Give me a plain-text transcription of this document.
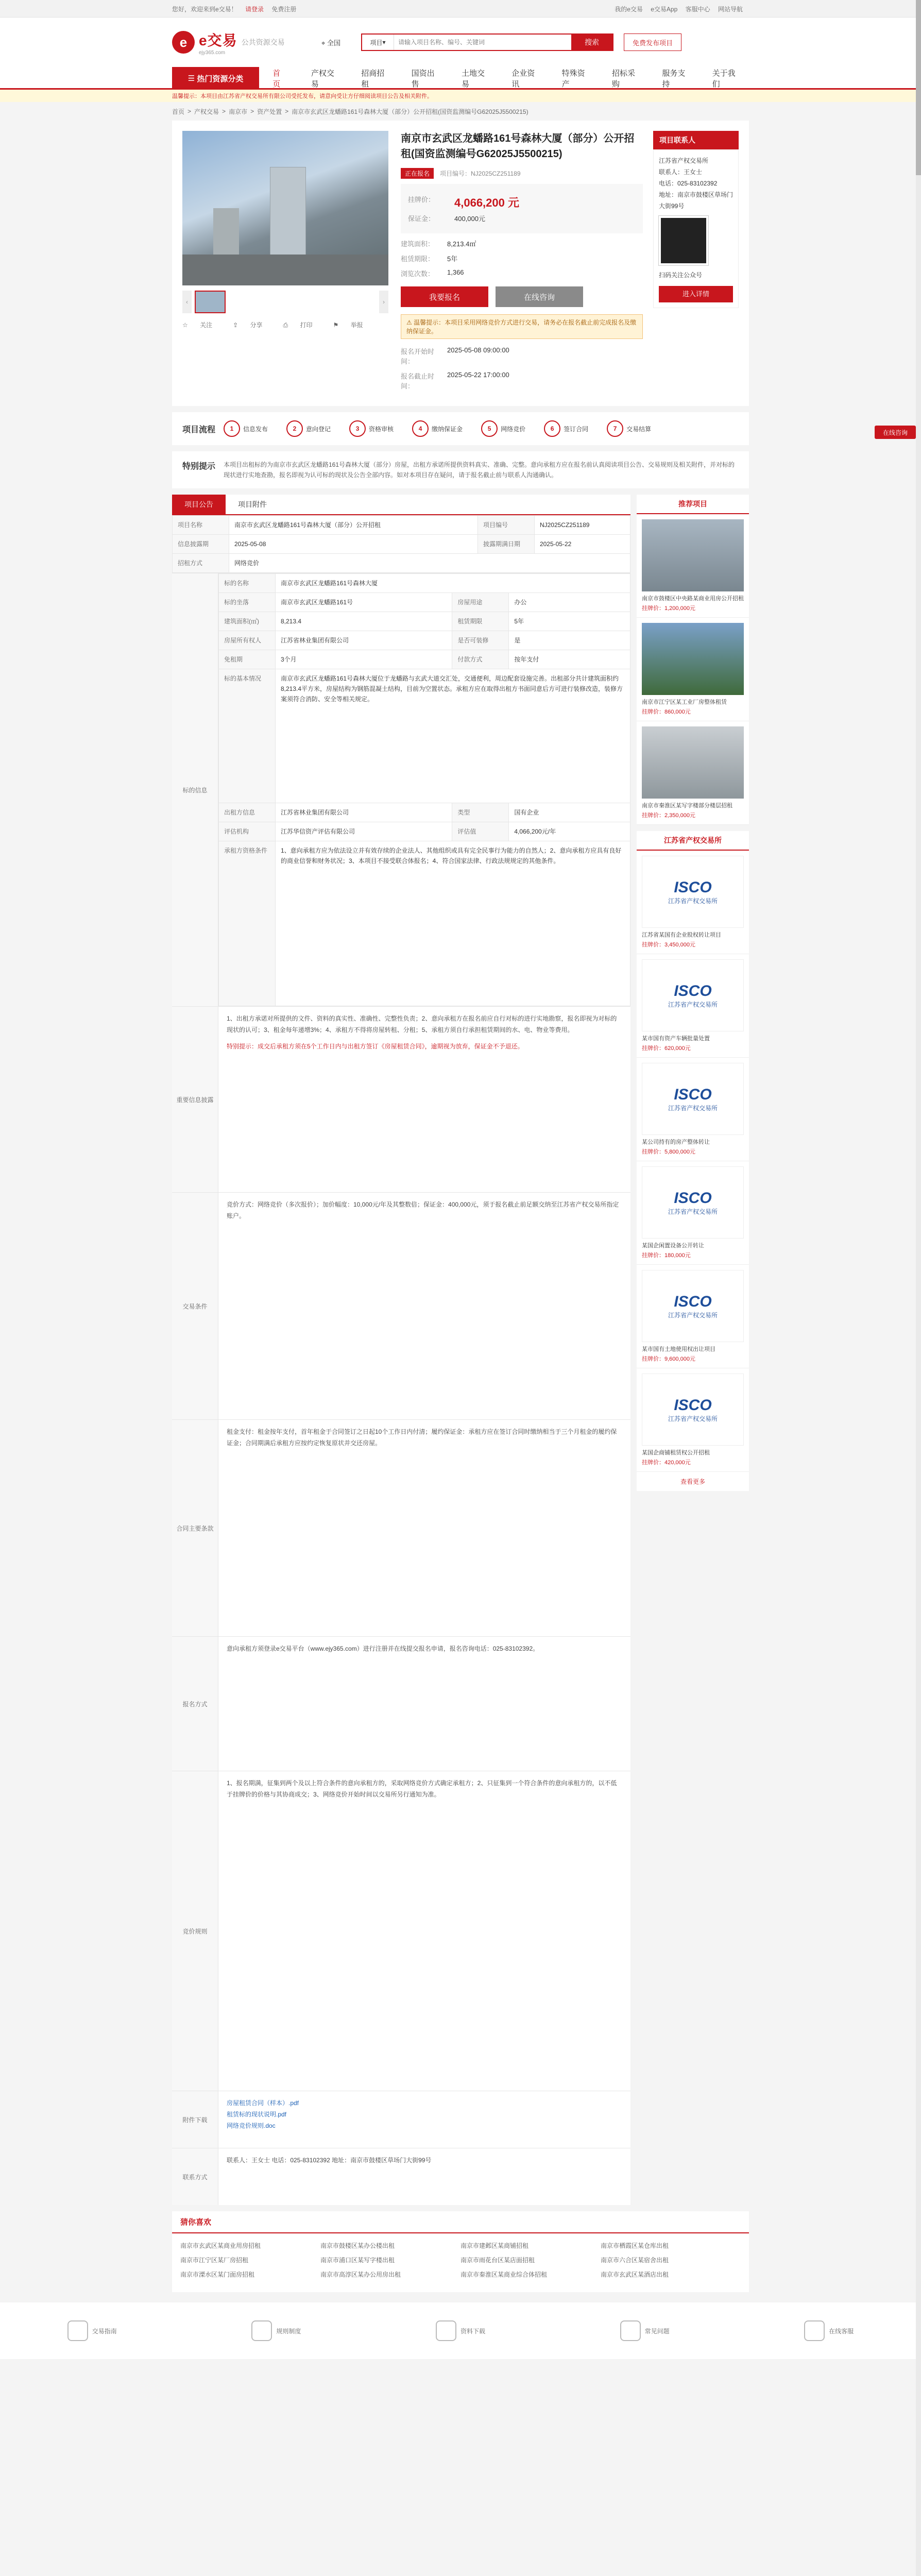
您好，欢迎来到e交易！ 请登录 免费注册	我的e交易 e交易App 客服中心 网站导航
e e交易
ejy365.com
公共资源交易	⌖ 全国	项目 ▾
请输入项目名称、编号、关键词	搜索	免费发布项目
☰ 热门资源分类
首页
产权交易
招商招租
国资出售
土地交易
企业资讯
特殊资产
招标采购
服务支持
关于我们
温馨提示：本项目由江苏省产权交易所有限公司受托发布，请意向受让方仔细阅读项目公告及相关附件。
首页 > 产权交易 > 南京市 > 资产处置 > 南京市玄武区龙蟠路161号森林大厦（部分）公开招租(国资监测编号G62025J5500215)
‹	›
☆ 关注	⇪ 分享	⎙ 打印	⚑ 举报
南京市玄武区龙蟠路161号森林大厦（部分）公开招租(国资监测编号G62025J5500215)
正在报名	项目编号：NJ2025CZ251189
挂牌价：	4,066,200 元
保证金：	400,000元
建筑面积：	8,213.4㎡
租赁期限：	5年
浏览次数：	1,366
我要报名	在线咨询
⚠ 温馨提示：本项目采用网络竞价方式进行交易，请务必在报名截止前完成报名及缴纳保证金。
报名开始时间：
2025-05-08 09:00:00
报名截止时间：
2025-05-22 17:00:00
项目联系人
江苏省产权交易所
联系人：王女士
电话：025-83102392
地址：南京市鼓楼区草场门大街99号
扫码关注公众号
进入详情
项目流程	1	信息发布	2	意向登记	3	资格审核	4	缴纳保证金	5	网络竞价	6	签订合同	7	交易结算
特别提示	本项目出租标的为南京市玄武区龙蟠路161号森林大厦（部分）房屋，出租方承诺所提供资料真实、准确、完整。意向承租方应在报名前认真阅读项目公告、交易规则及相关附件，并对标的现状进行实地查勘，报名即视为认可标的现状及公告全部内容。如对本项目存在疑问，请于报名截止前与联系人沟通确认。
项目公告	项目附件
项目名称	南京市玄武区龙蟠路161号森林大厦（部分）公开招租	项目编号	NJ2025CZ251189
信息披露期	2025-05-08	披露期满日期	2025-05-22
招租方式	网络竞价		
标的信息
标的名称	南京市玄武区龙蟠路161号森林大厦		
标的坐落	南京市玄武区龙蟠路161号	房屋用途	办公
建筑面积(㎡)	8,213.4	租赁期限	5年
房屋所有权人	江苏省林业集团有限公司	是否可装修	是
免租期	3个月	付款方式	按年支付
标的基本情况	南京市玄武区龙蟠路161号森林大厦位于龙蟠路与玄武大道交汇处，交通便利，周边配套设施完善。出租部分共计建筑面积约8,213.4平方米，房屋结构为钢筋混凝土结构，目前为空置状态。承租方应在取得出租方书面同意后方可进行装修改造，装修方案须符合消防、安全等相关规定。		
出租方信息	江苏省林业集团有限公司	类型	国有企业
评估机构	江苏华信资产评估有限公司	评估值	4,066,200元/年
承租方资格条件	1、意向承租方应为依法设立并有效存续的企业法人、其他组织或具有完全民事行为能力的自然人；2、意向承租方应具有良好的商业信誉和财务状况；3、本项目不接受联合体报名；4、符合国家法律、行政法规规定的其他条件。		
重要信息披露
1、出租方承诺对所提供的文件、资料的真实性、准确性、完整性负责；2、意向承租方在报名前应自行对标的进行实地勘察，报名即视为对标的现状的认可；3、租金每年递增3%；4、承租方不得将房屋转租、分租；5、承租方须自行承担租赁期间的水、电、物业等费用。
特别提示：成交后承租方须在5个工作日内与出租方签订《房屋租赁合同》，逾期视为放弃，保证金不予退还。
交易条件
竞价方式：网络竞价（多次报价）；加价幅度：10,000元/年及其整数倍；保证金：400,000元，须于报名截止前足额交纳至江苏省产权交易所指定账户。
合同主要条款
租金支付：租金按年支付，首年租金于合同签订之日起10个工作日内付清；履约保证金：承租方应在签订合同时缴纳相当于三个月租金的履约保证金；合同期满后承租方应按约定恢复原状并交还房屋。
报名方式
意向承租方须登录e交易平台（www.ejy365.com）进行注册并在线提交报名申请，报名咨询电话：025-83102392。
竞价规则
1、报名期满，征集到两个及以上符合条件的意向承租方的，采取网络竞价方式确定承租方；2、只征集到一个符合条件的意向承租方的，以不低于挂牌价的价格与其协商成交；3、网络竞价开始时间以交易所另行通知为准。
附件下载
房屋租赁合同（样本）.pdf
租赁标的现状说明.pdf
网络竞价规则.doc
联系方式
联系人：王女士 电话：025-83102392 地址：南京市鼓楼区草场门大街99号
推荐项目
南京市鼓楼区中央路某商业用房公开招租
挂牌价：1,200,000元
南京市江宁区某工业厂房整体租赁
挂牌价：860,000元
南京市秦淮区某写字楼部分楼层招租
挂牌价：2,350,000元
江苏省产权交易所
ISCO
江苏省产权交易所
江苏省某国有企业股权转让项目
挂牌价：3,450,000元
ISCO
江苏省产权交易所
某市国有资产车辆批量处置
挂牌价：620,000元
ISCO
江苏省产权交易所
某公司持有的房产整体转让
挂牌价：5,800,000元
ISCO
江苏省产权交易所
某国企闲置设备公开转让
挂牌价：180,000元
ISCO
江苏省产权交易所
某市国有土地使用权出让项目
挂牌价：9,600,000元
ISCO
江苏省产权交易所
某国企商铺租赁权公开招租
挂牌价：420,000元
查看更多
猜你喜欢
南京市玄武区某商业用房招租	南京市鼓楼区某办公楼出租	南京市建邺区某商铺招租	南京市栖霞区某仓库出租
南京市江宁区某厂房招租	南京市浦口区某写字楼出租	南京市雨花台区某店面招租	南京市六合区某宿舍出租
南京市溧水区某门面房招租	南京市高淳区某办公用房出租	南京市秦淮区某商业综合体招租	南京市玄武区某酒店出租
交易指南	规则制度	资料下载	常见问题	在线客服
在线咨询
